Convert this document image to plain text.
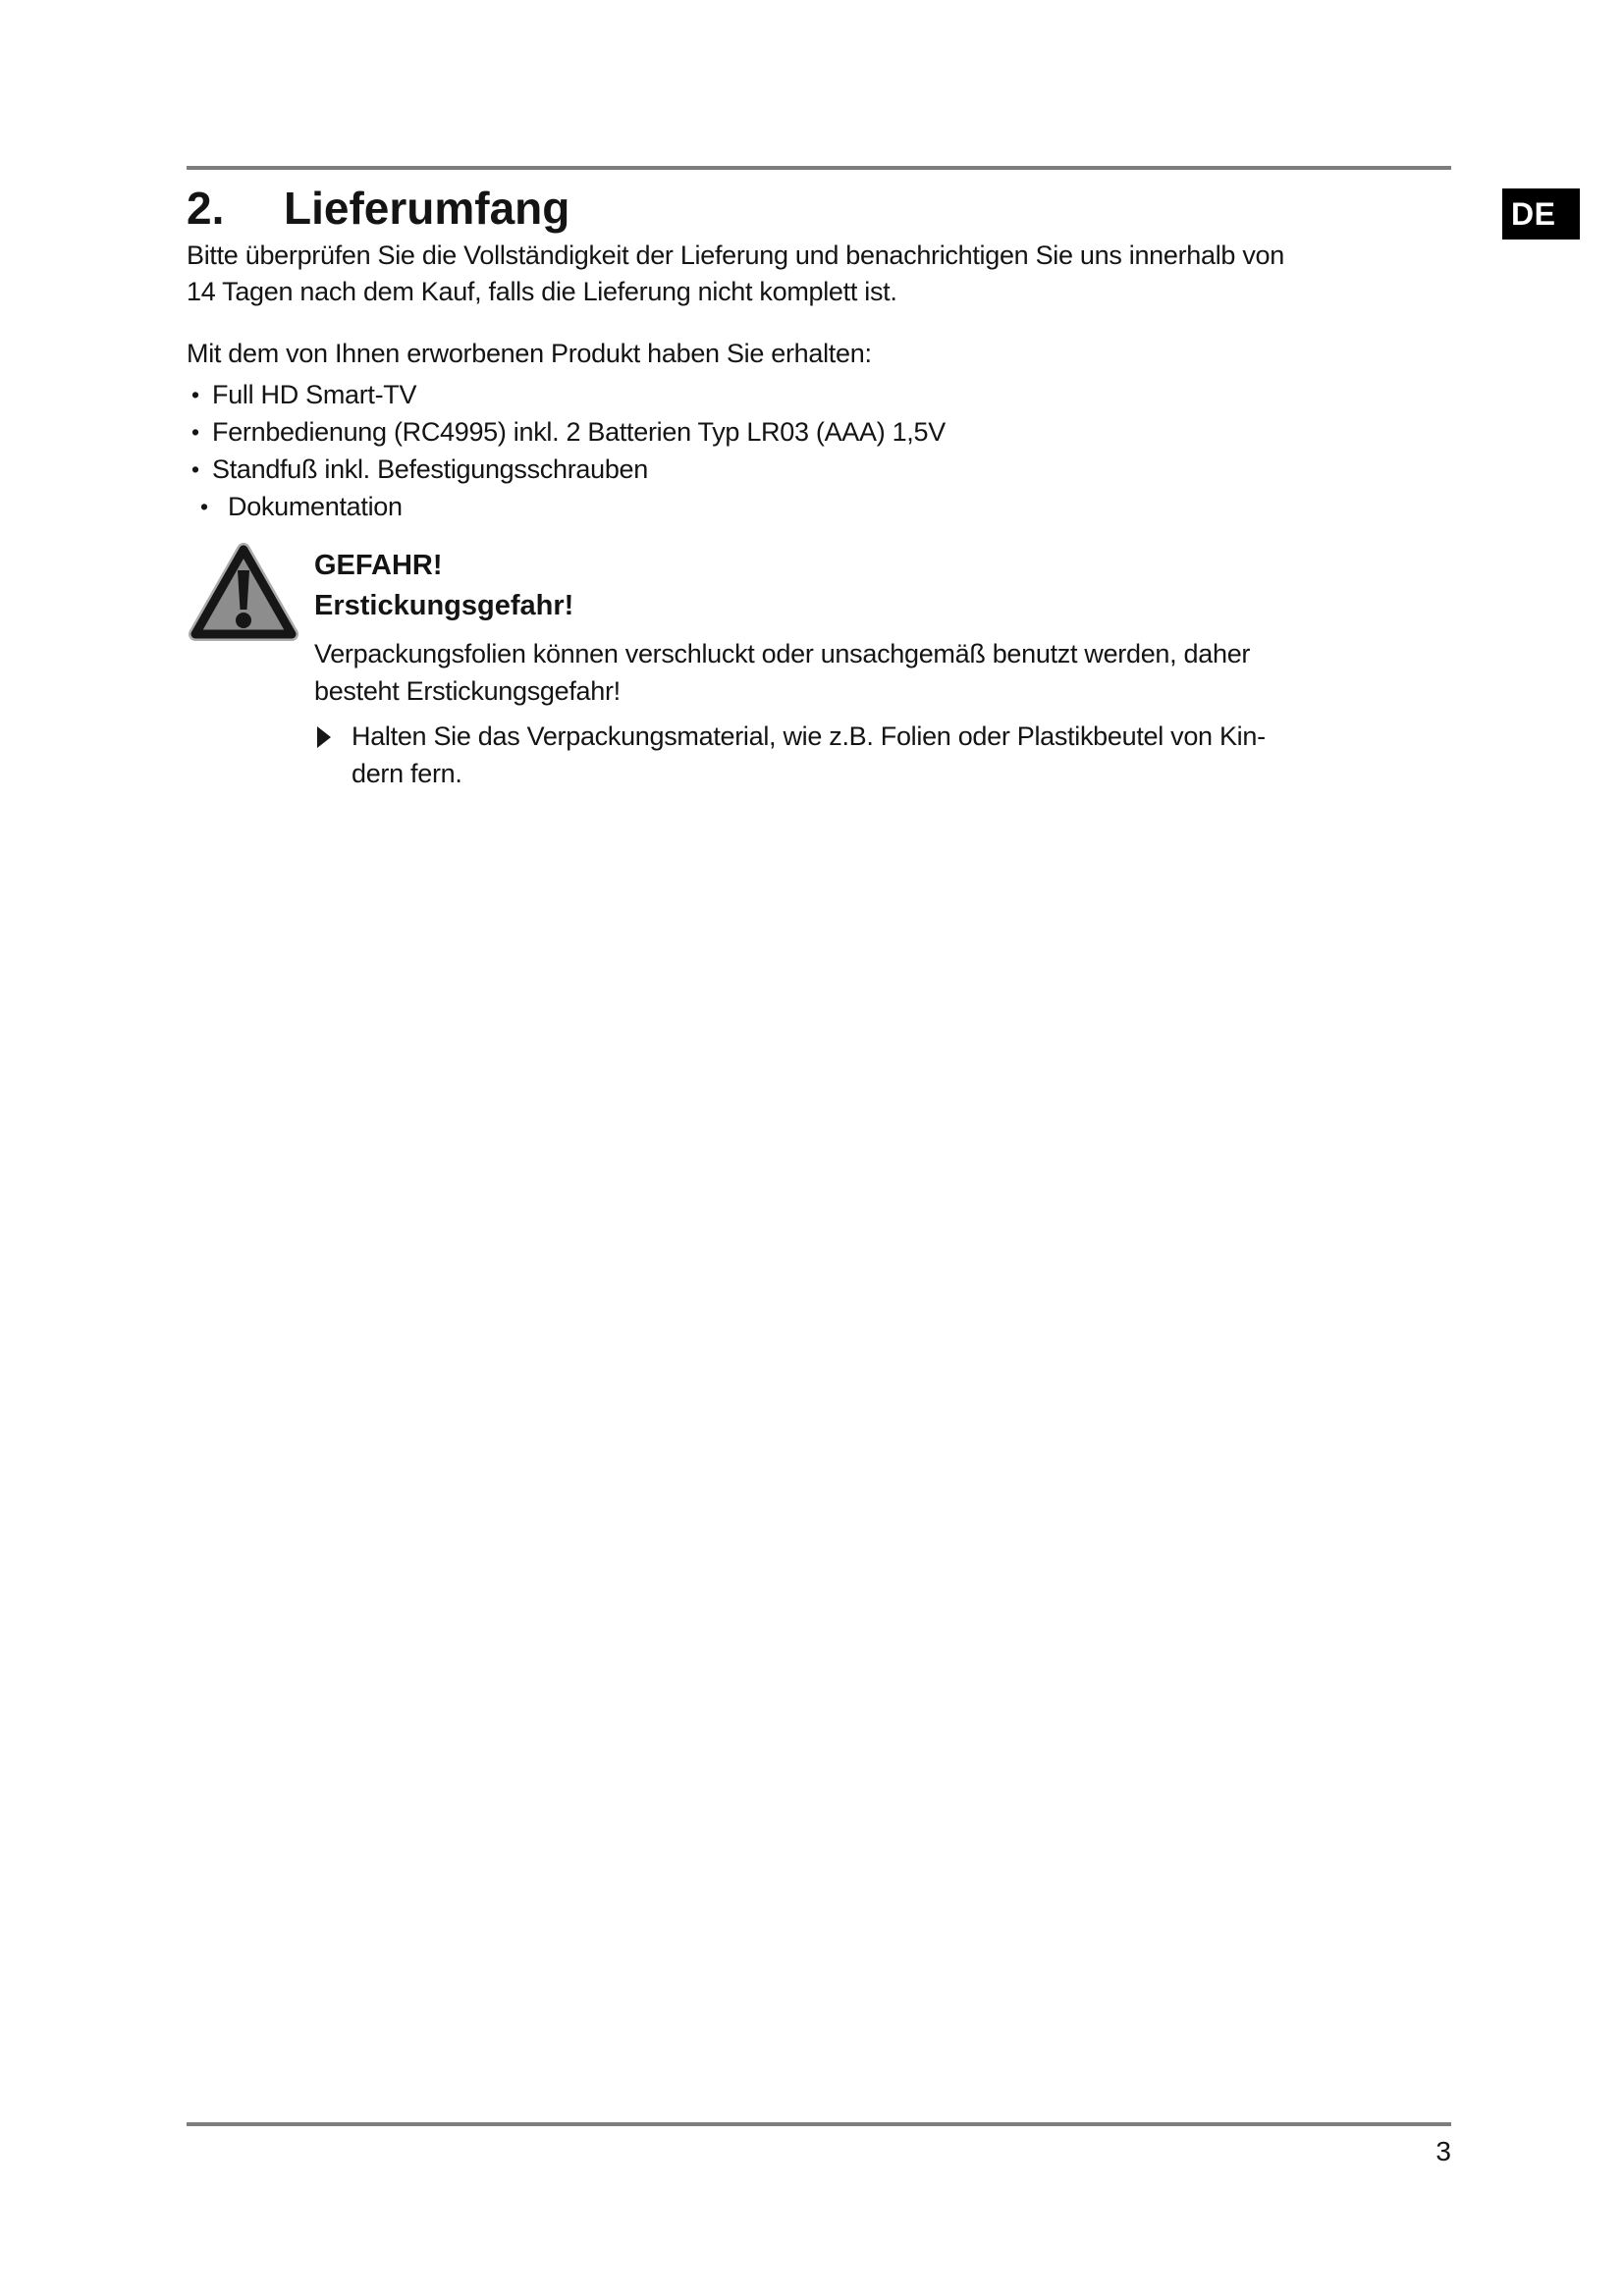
2. Lieferumfang	DE
Bitte überprüfen Sie die Vollständigkeit der Lieferung und benachrichtigen Sie uns innerhalb von
14 Tagen nach dem Kauf, falls die Lieferung nicht komplett ist.
Mit dem von Ihnen erworbenen Produkt haben Sie erhalten:
• Full HD Smart-TV
• Fernbedienung (RC4995) inkl. 2 Batterien Typ LR03 (AAA) 1,5V
• Standfuß inkl. Befestigungsschrauben
• Dokumentation
GEFAHR!
Erstickungsgefahr!
Verpackungsfolien können verschluckt oder unsachgemäß benutzt werden, daher
besteht Erstickungsgefahr!
Halten Sie das Verpackungsmaterial, wie z.B. Folien oder Plastikbeutel von Kin-
dern fern.
3
